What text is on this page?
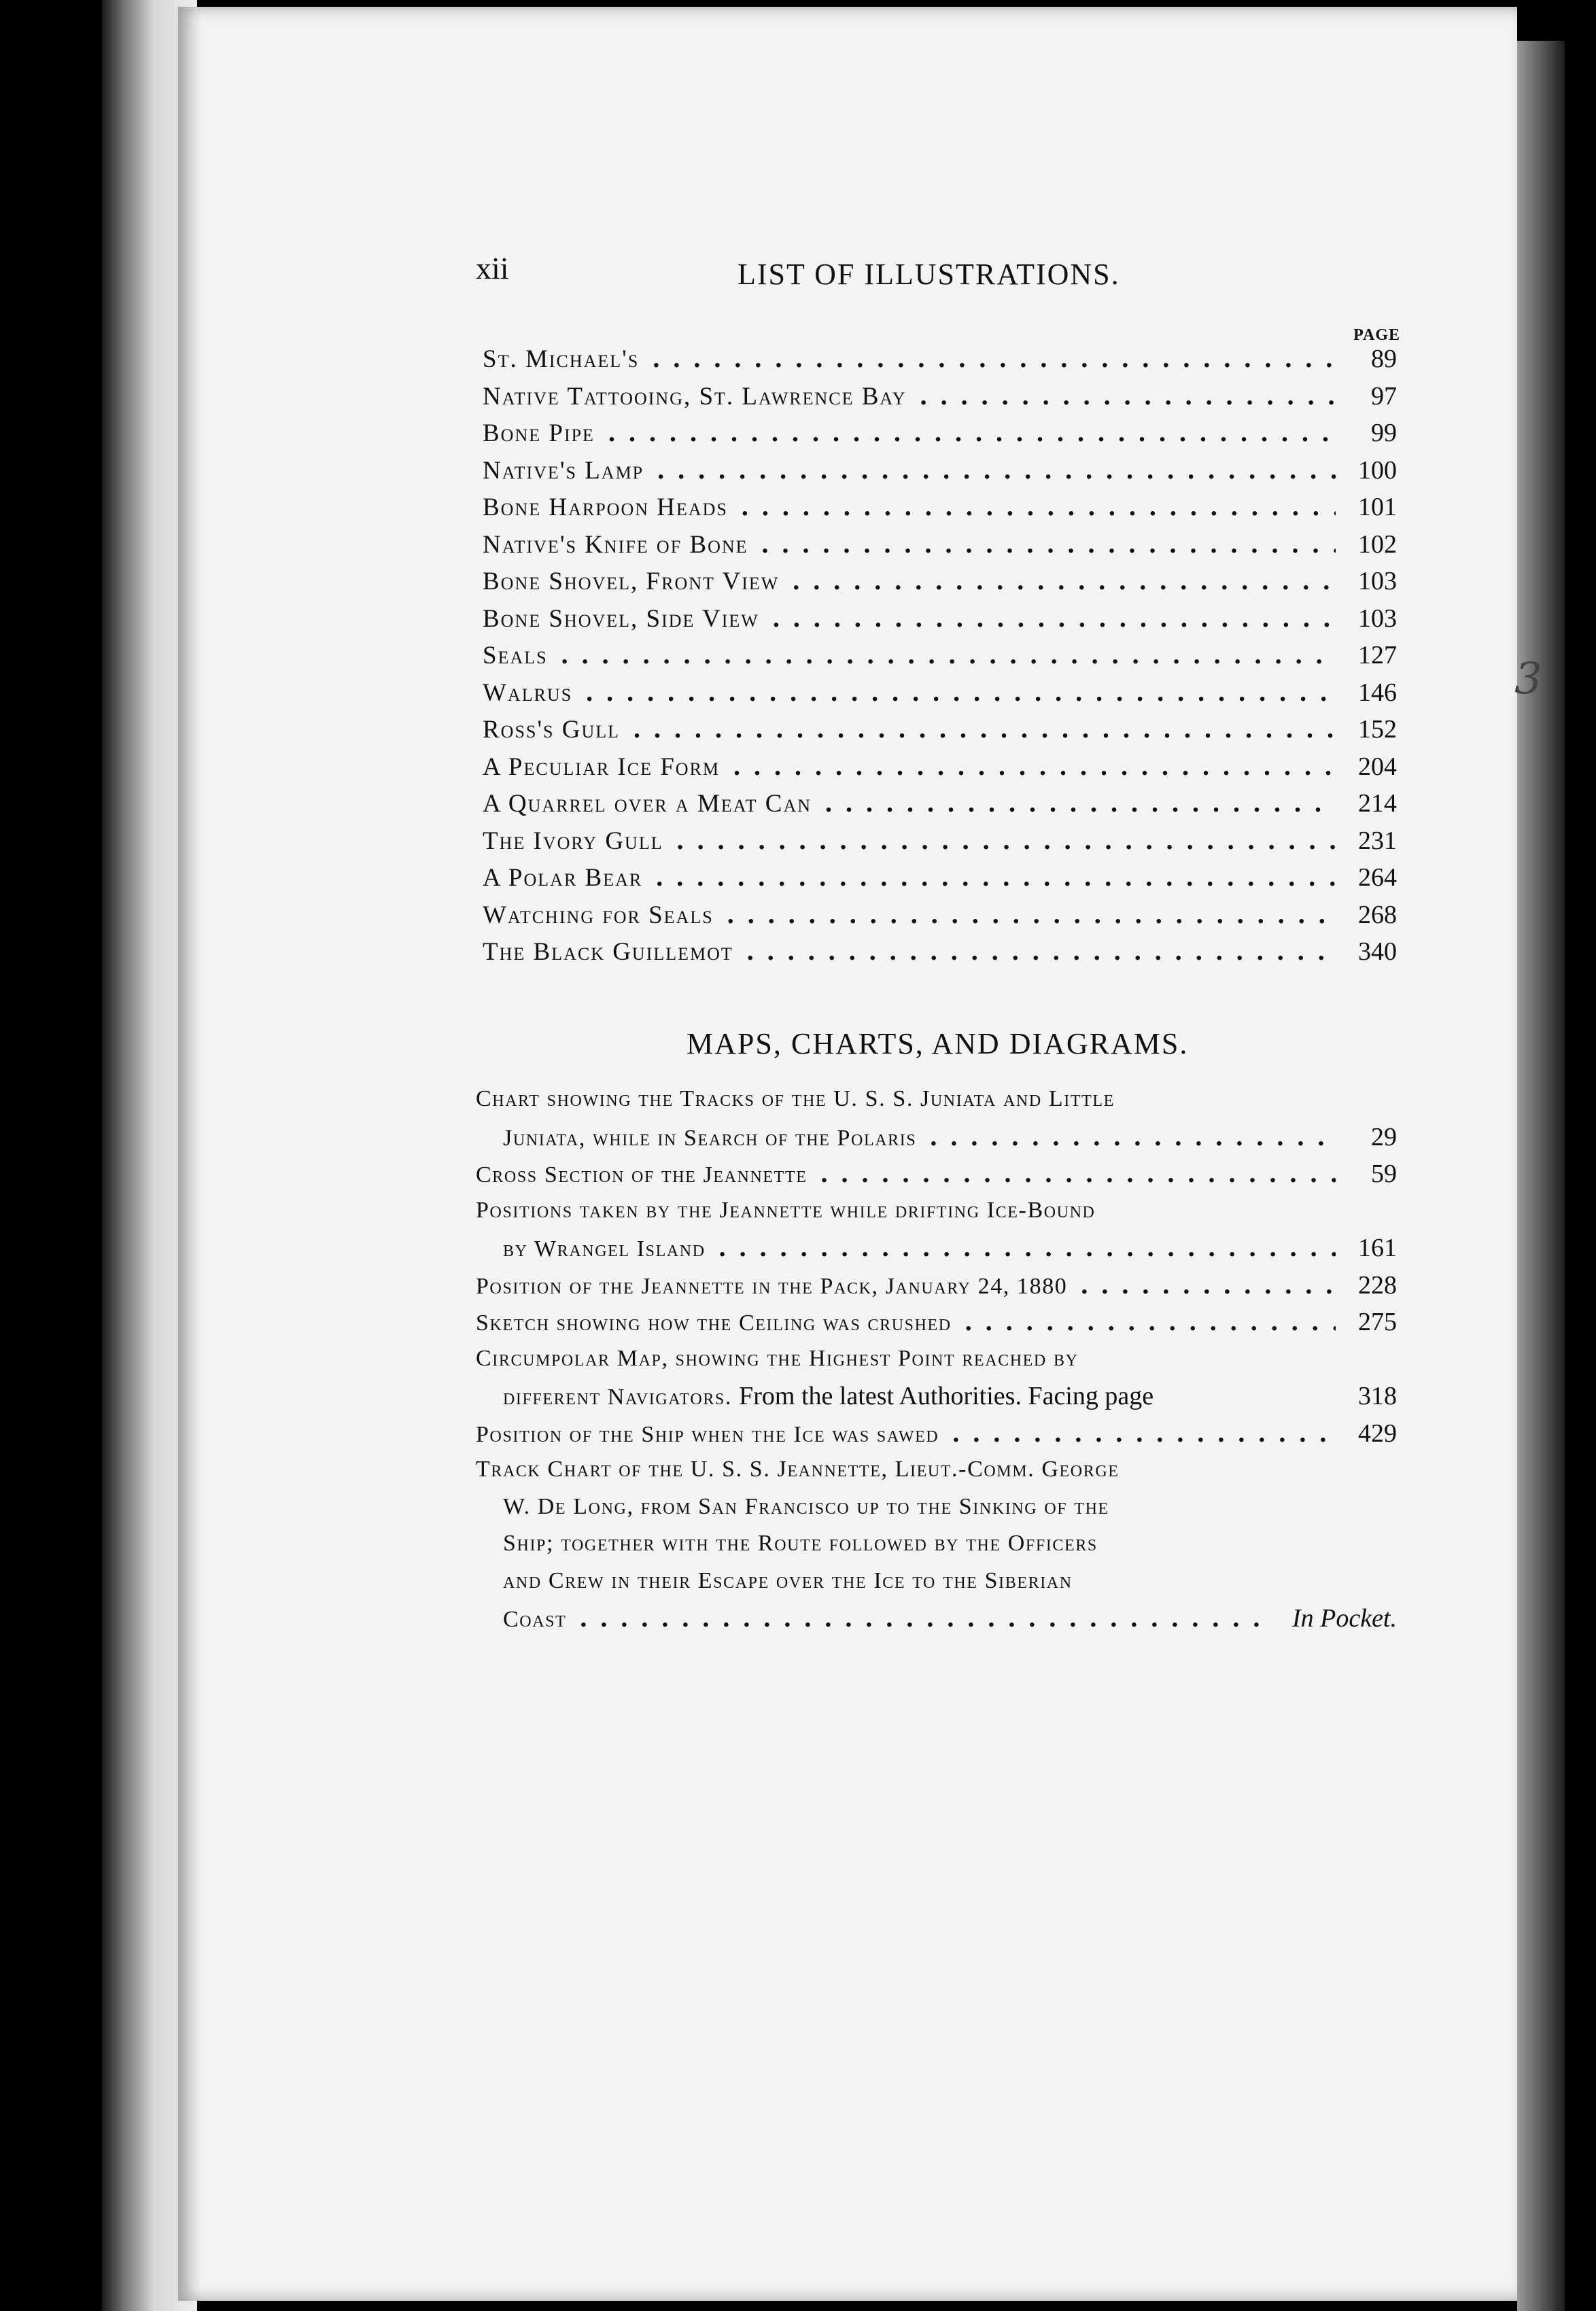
3
xii	LIST OF ILLUSTRATIONS.
PAGE
St. Michael's . .	89
Native Tattooing, St. Lawrence Bay . .	97
Bone Pipe . .	99
Native's Lamp . .	100
Bone Harpoon Heads . .	101
Native's Knife of Bone . .	102
Bone Shovel, Front View . .	103
Bone Shovel, Side View . .	103
Seals . .	127
Walrus . .	146
Ross's Gull . .	152
A Peculiar Ice Form . .	204
A Quarrel over a Meat Can . .	214
The Ivory Gull . .	231
A Polar Bear . .	264
Watching for Seals . .	268
The Black Guillemot . .	340
MAPS, CHARTS, AND DIAGRAMS.
Chart showing the Tracks of the U. S. S. Juniata and Little
Juniata, while in Search of the Polaris . .	29
Cross Section of the Jeannette . .	59
Positions taken by the Jeannette while drifting Ice-Bound
by Wrangel Island . .	161
Position of the Jeannette in the Pack, January 24, 1880 . .	228
Sketch showing how the Ceiling was crushed . .	275
Circumpolar Map, showing the Highest Point reached by
different Navigators.
From the latest Authorities. Facing page	318
Position of the Ship when the Ice was sawed . .	429
Track Chart of the U. S. S. Jeannette, Lieut.-Comm. George
W. De Long, from San Francisco up to the Sinking of the
Ship; together with the Route followed by the Officers
and Crew in their Escape over the Ice to the Siberian
Coast . .	In Pocket.
